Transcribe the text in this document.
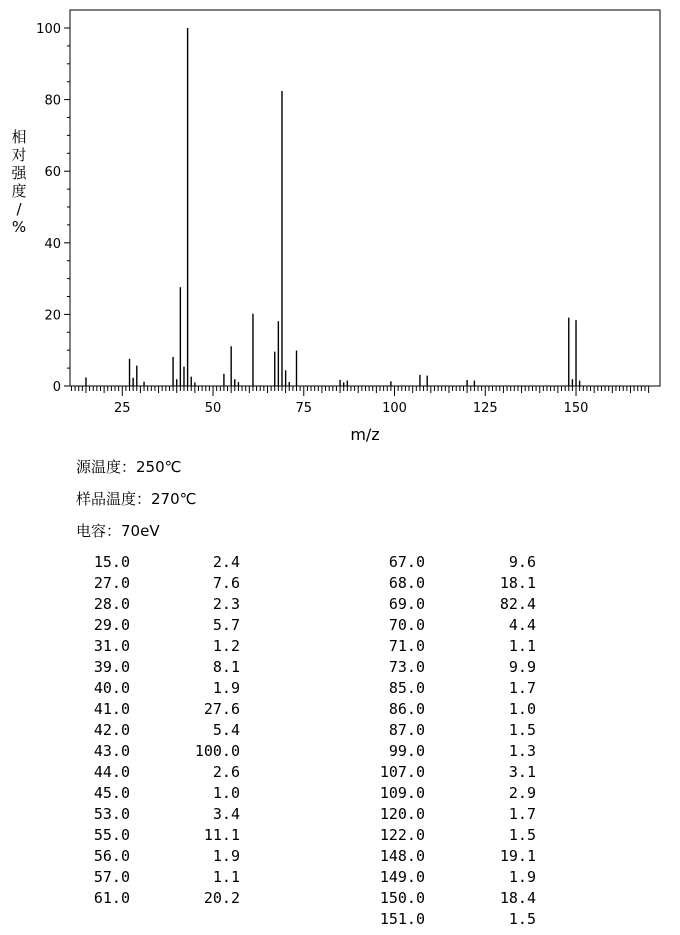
0
20
40
60
80
100
25	50	75	100	125	150
m/z
相对强度/ %
源温度：250℃
样品温度：270℃
电容：70eV
15.0	2.4
27.0	7.6
28.0	2.3
29.0	5.7
31.0	1.2
39.0	8.1
40.0	1.9
41.0	27.6
42.0	5.4
43.0	100.0
44.0	2.6
45.0	1.0
53.0	3.4
55.0	11.1
56.0	1.9
57.0	1.1
61.0	20.2
67.0	9.6
68.0	18.1
69.0	82.4
70.0	4.4
71.0	1.1
73.0	9.9
85.0	1.7
86.0	1.0
87.0	1.5
99.0	1.3
107.0	3.1
109.0	2.9
120.0	1.7
122.0	1.5
148.0	19.1
149.0	1.9
150.0	18.4
151.0	1.5
